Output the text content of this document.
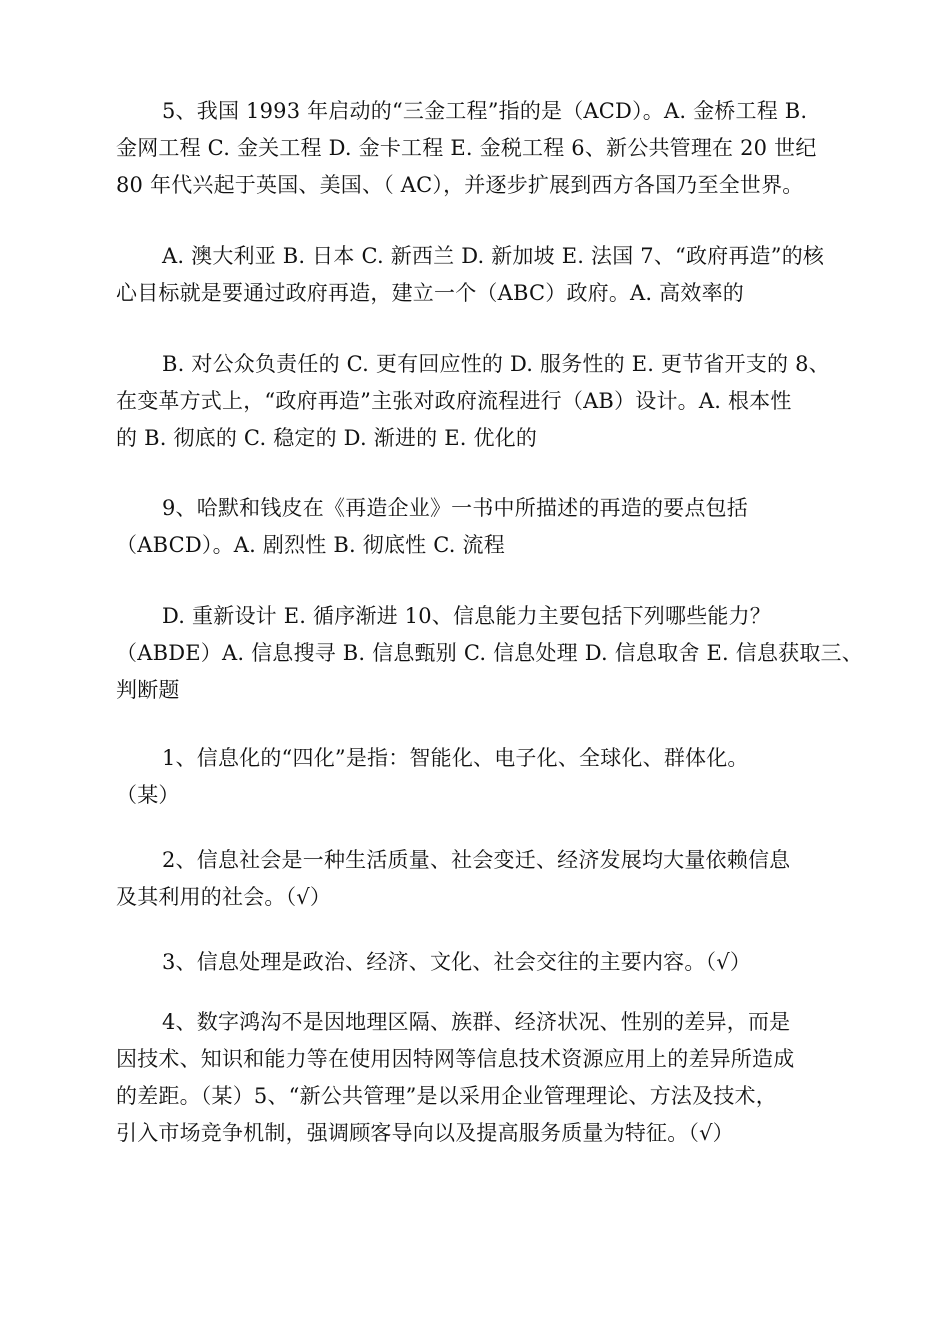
5、我国 1993 年启动的“三金工程”指的是（ACD）。A. 金桥工程 B.
金网工程 C. 金关工程 D. 金卡工程 E. 金税工程 6、新公共管理在 20 世纪
80 年代兴起于英国、美国、（ AC），并逐步扩展到西方各国乃至全世界。
A. 澳大利亚 B. 日本 C. 新西兰 D. 新加坡 E. 法国 7、“政府再造”的核
心目标就是要通过政府再造，建立一个（ABC）政府。A. 高效率的
B. 对公众负责任的 C. 更有回应性的 D. 服务性的 E. 更节省开支的 8、
在变革方式上，“政府再造”主张对政府流程进行（AB）设计。A. 根本性
的 B. 彻底的 C. 稳定的 D. 渐进的 E. 优化的
9、哈默和钱皮在《再造企业》一书中所描述的再造的要点包括
（ABCD）。A. 剧烈性 B. 彻底性 C. 流程
D. 重新设计 E. 循序渐进 10、信息能力主要包括下列哪些能力？
（ABDE）A. 信息搜寻 B. 信息甄别 C. 信息处理 D. 信息取舍 E. 信息获取三、
判断题
1、信息化的“四化”是指：智能化、电子化、全球化、群体化。
（某）
2、信息社会是一种生活质量、社会变迁、经济发展均大量依赖信息
及其利用的社会。（√）
3、信息处理是政治、经济、文化、社会交往的主要内容。（√）
4、数字鸿沟不是因地理区隔、族群、经济状况、性别的差异，而是
因技术、知识和能力等在使用因特网等信息技术资源应用上的差异所造成
的差距。（某）5、“新公共管理”是以采用企业管理理论、方法及技术，
引入市场竞争机制，强调顾客导向以及提高服务质量为特征。（√）
